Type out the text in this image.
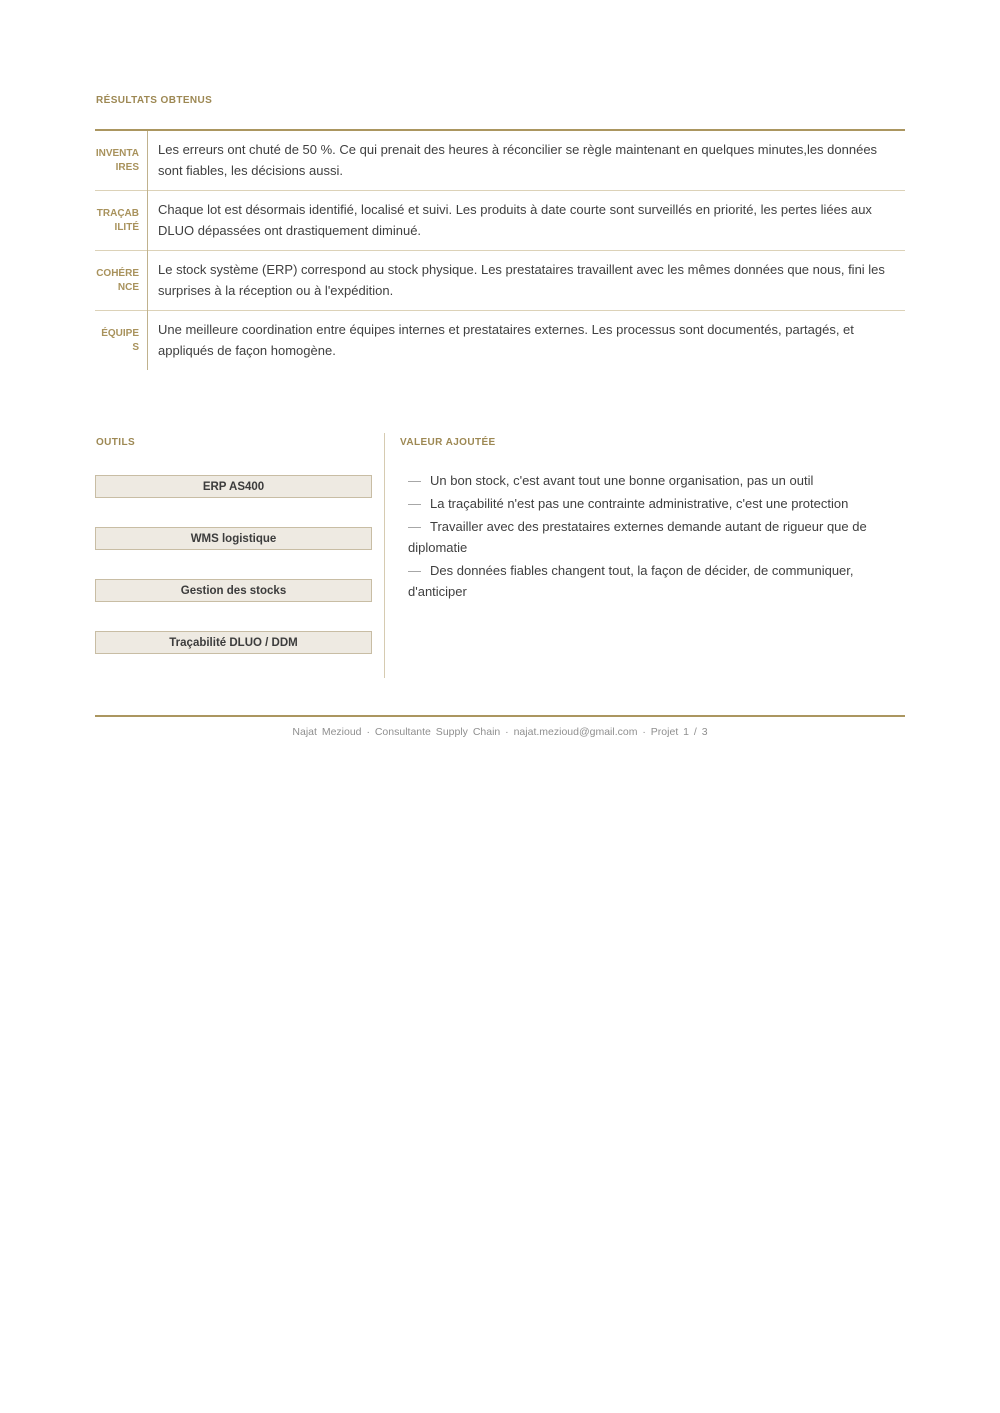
RÉSULTATS OBTENUS
INVENTAIRES
Les erreurs ont chuté de 50 %. Ce qui prenait des heures à réconcilier se règle maintenant en quelques minutes,les données sont fiables, les décisions aussi.
TRAÇABILITÉ
Chaque lot est désormais identifié, localisé et suivi. Les produits à date courte sont surveillés en priorité, les pertes liées aux DLUO dépassées ont drastiquement diminué.
COHÉRENCE
Le stock système (ERP) correspond au stock physique. Les prestataires travaillent avec les mêmes données que nous, fini les surprises à la réception ou à l'expédition.
ÉQUIPES
Une meilleure coordination entre équipes internes et prestataires externes. Les processus sont documentés, partagés, et appliqués de façon homogène.
OUTILS	VALEUR AJOUTÉE
ERP AS400
WMS logistique
Gestion des stocks
Traçabilité DLUO / DDM

— Un bon stock, c'est avant tout une bonne organisation, pas un outil

— La traçabilité n'est pas une contrainte administrative, c'est une protection

— Travailler avec des prestataires externes demande autant de rigueur que de diplomatie

— Des données fiables changent tout, la façon de décider, de communiquer, d'anticiper

Najat Mezioud · Consultante Supply Chain · najat.mezioud@gmail.com · Projet 1 / 3
